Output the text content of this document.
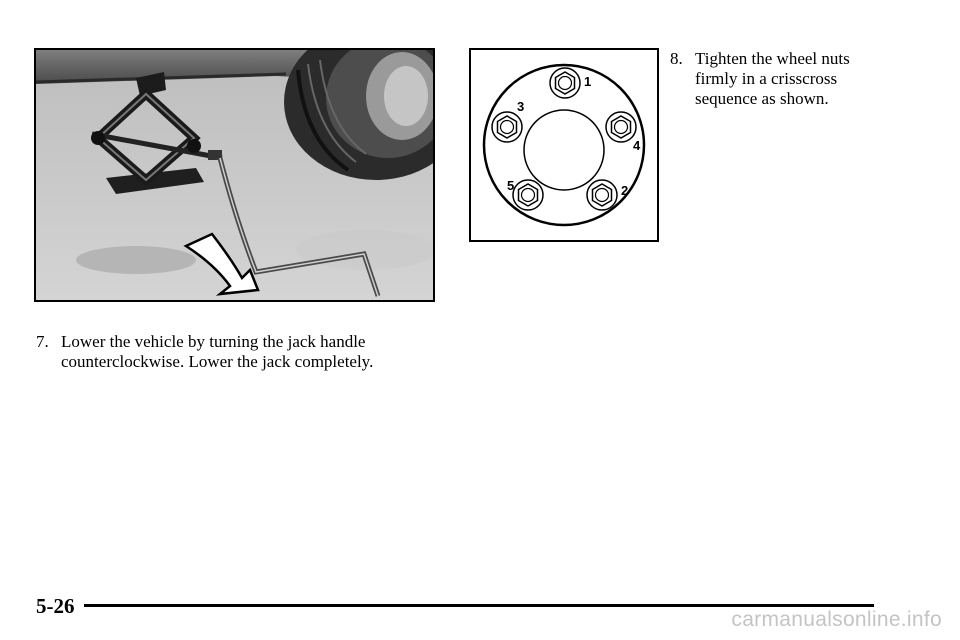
1
2
3
4
5
7. Lower the vehicle by turning the jack handle counterclockwise. Lower the jack completely.
8. Tighten the wheel nuts firmly in a crisscross sequence as shown.
5-26
carmanualsonline.info
